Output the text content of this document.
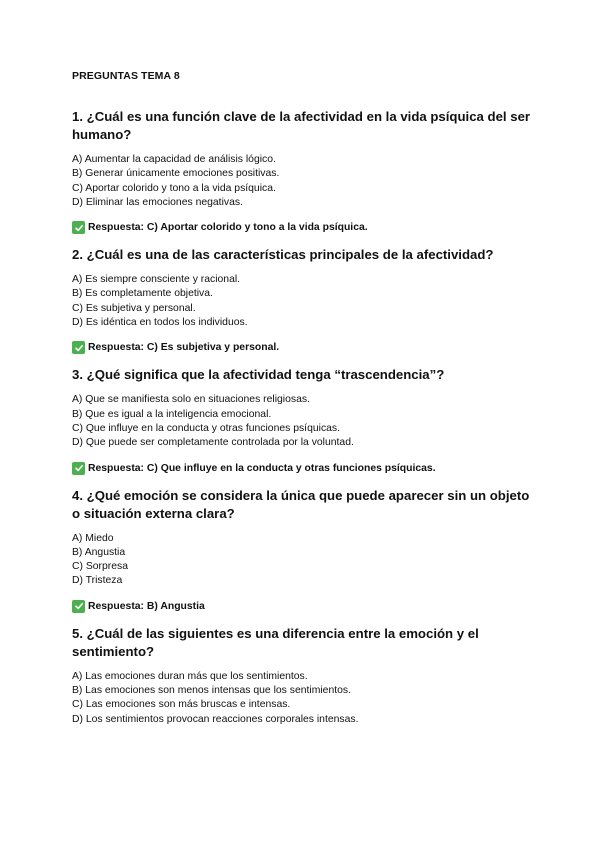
PREGUNTAS TEMA 8
1. ¿Cuál es una función clave de la afectividad en la vida psíquica del ser humano?
A) Aumentar la capacidad de análisis lógico.
B) Generar únicamente emociones positivas.
C) Aportar colorido y tono a la vida psíquica.
D) Eliminar las emociones negativas.
Respuesta: C) Aportar colorido y tono a la vida psíquica.
2. ¿Cuál es una de las características principales de la afectividad?
A) Es siempre consciente y racional.
B) Es completamente objetiva.
C) Es subjetiva y personal.
D) Es idéntica en todos los individuos.
Respuesta: C) Es subjetiva y personal.
3. ¿Qué significa que la afectividad tenga “trascendencia”?
A) Que se manifiesta solo en situaciones religiosas.
B) Que es igual a la inteligencia emocional.
C) Que influye en la conducta y otras funciones psíquicas.
D) Que puede ser completamente controlada por la voluntad.
Respuesta: C) Que influye en la conducta y otras funciones psíquicas.
4. ¿Qué emoción se considera la única que puede aparecer sin un objeto o situación externa clara?
A) Miedo
B) Angustia
C) Sorpresa
D) Tristeza
Respuesta: B) Angustia
5. ¿Cuál de las siguientes es una diferencia entre la emoción y el sentimiento?
A) Las emociones duran más que los sentimientos.
B) Las emociones son menos intensas que los sentimientos.
C) Las emociones son más bruscas e intensas.
D) Los sentimientos provocan reacciones corporales intensas.
